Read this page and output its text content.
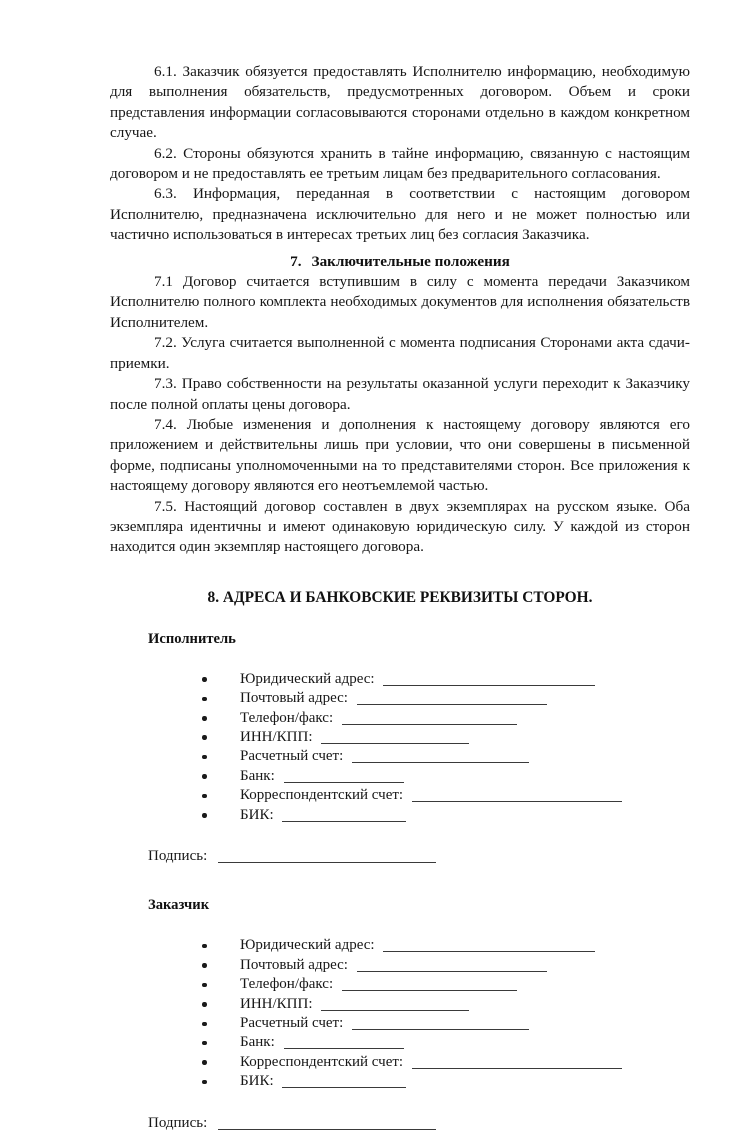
6.1. Заказчик обязуется предоставлять Исполнителю информацию, необходимую для выполнения обязательств, предусмотренных договором. Объем и сроки представления информации согласовываются сторонами отдельно в каждом конкретном случае.

6.2. Стороны обязуются хранить в тайне информацию, связанную с настоящим договором и не предоставлять ее третьим лицам без предварительного согласования.

6.3. Информация, переданная в соответствии с настоящим договором Исполнителю, предназначена исключительно для него и не может полностью или частично использоваться в интересах третьих лиц без согласия Заказчика.

7. Заключительные положения

7.1 Договор считается вступившим в силу с момента передачи Заказчиком Исполнителю полного комплекта необходимых документов для исполнения обязательств Исполнителем.

7.2. Услуга считается выполненной с момента подписания Сторонами акта сдачи-приемки.

7.3. Право собственности на результаты оказанной услуги переходит к Заказчику после полной оплаты цены договора.

7.4. Любые изменения и дополнения к настоящему договору являются его приложением и действительны лишь при условии, что они совершены в письменной форме, подписаны уполномоченными на то представителями сторон. Все приложения к настоящему договору являются его неотъемлемой частью.

7.5. Настоящий договор составлен в двух экземплярах на русском языке. Оба экземпляра идентичны и имеют одинаковую юридическую силу. У каждой из сторон находится один экземпляр настоящего договора.

8. АДРЕСА И БАНКОВСКИЕ РЕКВИЗИТЫ СТОРОН.
Исполнитель
Юридический адрес:
Почтовый адрес:
Телефон/факс:
ИНН/КПП:
Расчетный счет:
Банк:
Корреспондентский счет:
БИК:
Подпись:
Заказчик
Юридический адрес:
Почтовый адрес:
Телефон/факс:
ИНН/КПП:
Расчетный счет:
Банк:
Корреспондентский счет:
БИК:
Подпись:
